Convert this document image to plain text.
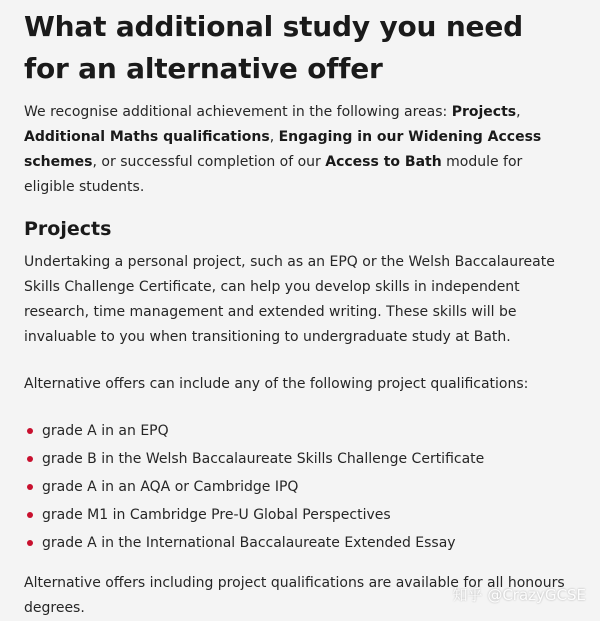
What additional study you need for an alternative offer

We recognise additional achievement in the following areas: Projects, Additional Maths qualifications, Engaging in our Widening Access schemes, or successful completion of our Access to Bath module for eligible students.

Projects

Undertaking a personal project, such as an EPQ or the Welsh Baccalaureate Skills Challenge Certificate, can help you develop skills in independent research, time management and extended writing. These skills will be invaluable to you when transitioning to undergraduate study at Bath.

Alternative offers can include any of the following project qualifications:

grade A in an EPQ
grade B in the Welsh Baccalaureate Skills Challenge Certificate
grade A in an AQA or Cambridge IPQ
grade M1 in Cambridge Pre-U Global Perspectives
grade A in the International Baccalaureate Extended Essay

Alternative offers including project qualifications are available for all honours degrees.

知乎 @CrazyGCSE
